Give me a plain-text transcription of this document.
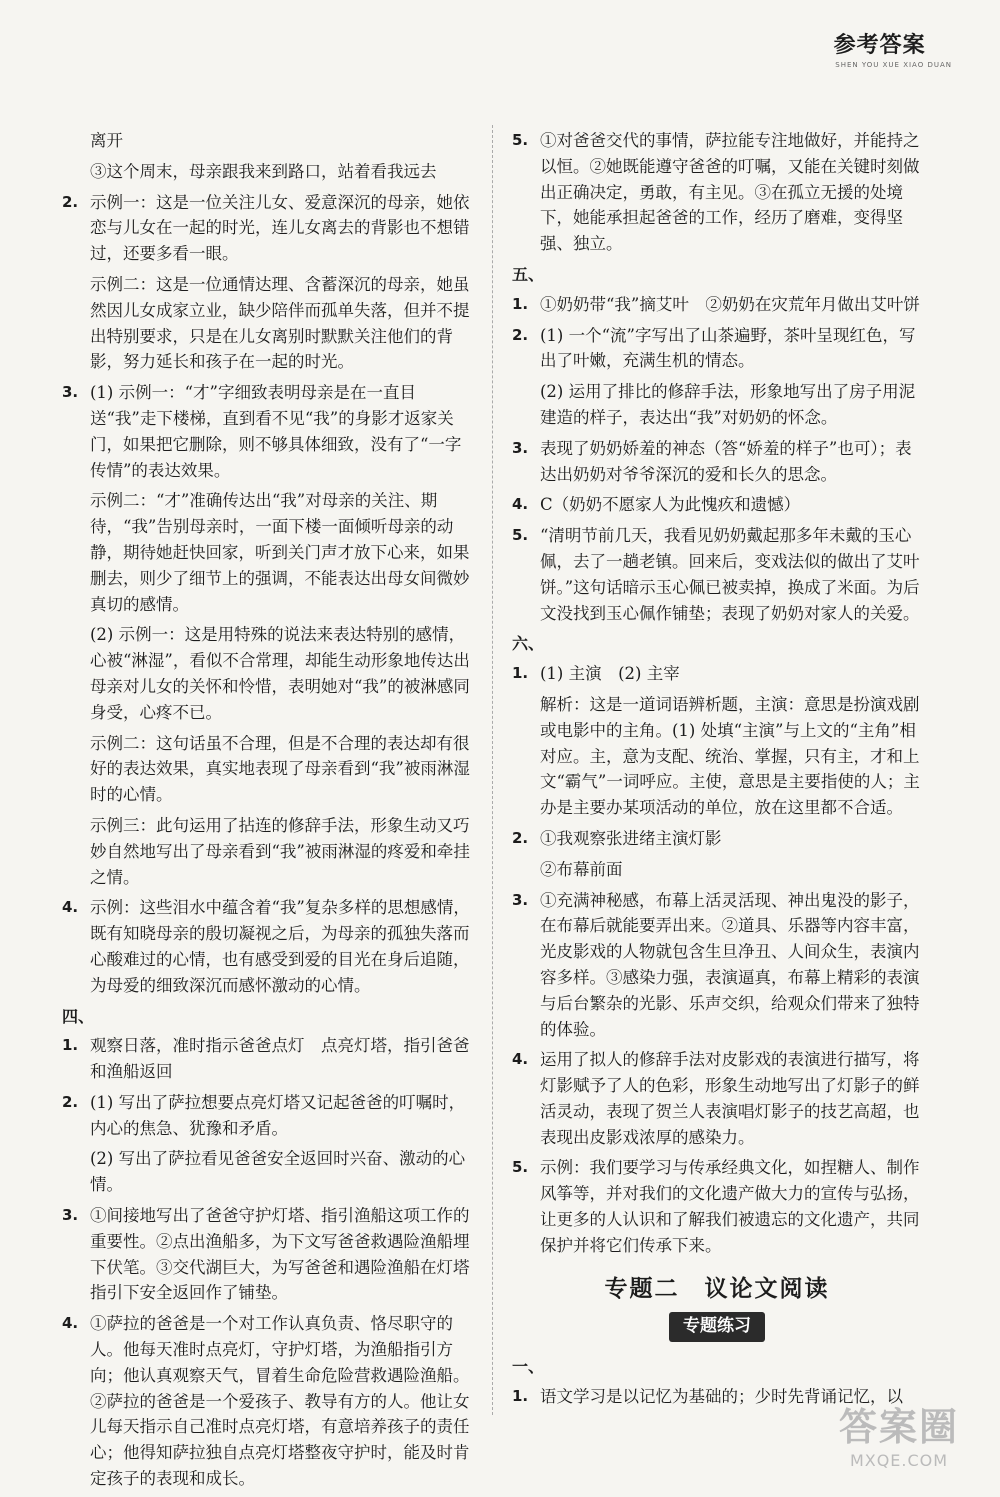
参考答案
SHEN YOU XUE XIAO DUAN

离开

③这个周末，母亲跟我来到路口，站着看我远去

2. 示例一：这是一位关注儿女、爱意深沉的母亲，她依恋与儿女在一起的时光，连儿女离去的背影也不想错过，还要多看一眼。

示例二：这是一位通情达理、含蓄深沉的母亲，她虽然因儿女成家立业，缺少陪伴而孤单失落，但并不提出特别要求，只是在儿女离别时默默关注他们的背影，努力延长和孩子在一起的时光。

3. (1) 示例一：“才”字细致表明母亲是在一直目送“我”走下楼梯，直到看不见“我”的身影才返家关门，如果把它删除，则不够具体细致，没有了“一字传情”的表达效果。

示例二：“才”准确传达出“我”对母亲的关注、期待，“我”告别母亲时，一面下楼一面倾听母亲的动静，期待她赶快回家，听到关门声才放下心来，如果删去，则少了细节上的强调，不能表达出母女间微妙真切的感情。

(2) 示例一：这是用特殊的说法来表达特别的感情，心被“淋湿”，看似不合常理，却能生动形象地传达出母亲对儿女的关怀和怜惜，表明她对“我”的被淋感同身受，心疼不已。

示例二：这句话虽不合理，但是不合理的表达却有很好的表达效果，真实地表现了母亲看到“我”被雨淋湿时的心情。

示例三：此句运用了拈连的修辞手法，形象生动又巧妙自然地写出了母亲看到“我”被雨淋湿的疼爱和牵挂之情。

4. 示例：这些泪水中蕴含着“我”复杂多样的思想感情，既有知晓母亲的殷切凝视之后，为母亲的孤独失落而心酸难过的心情，也有感受到爱的目光在身后追随，为母爱的细致深沉而感怀激动的心情。

四、
1. 观察日落，准时指示爸爸点灯　点亮灯塔，指引爸爸和渔船返回

2. (1) 写出了萨拉想要点亮灯塔又记起爸爸的叮嘱时，内心的焦急、犹豫和矛盾。

(2) 写出了萨拉看见爸爸安全返回时兴奋、激动的心情。

3. ①间接地写出了爸爸守护灯塔、指引渔船这项工作的重要性。②点出渔船多，为下文写爸爸救遇险渔船埋下伏笔。③交代湖巨大，为写爸爸和遇险渔船在灯塔指引下安全返回作了铺垫。

4. ①萨拉的爸爸是一个对工作认真负责、恪尽职守的人。他每天准时点亮灯，守护灯塔，为渔船指引方向；他认真观察天气，冒着生命危险营救遇险渔船。②萨拉的爸爸是一个爱孩子、教导有方的人。他让女儿每天指示自己准时点亮灯塔，有意培养孩子的责任心；他得知萨拉独自点亮灯塔整夜守护时，能及时肯定孩子的表现和成长。

5. ①对爸爸交代的事情，萨拉能专注地做好，并能持之以恒。②她既能遵守爸爸的叮嘱，又能在关键时刻做出正确决定，勇敢，有主见。③在孤立无援的处境下，她能承担起爸爸的工作，经历了磨难，变得坚强、独立。

五、
1. ①奶奶带“我”摘艾叶　②奶奶在灾荒年月做出艾叶饼

2. (1) 一个“流”字写出了山茶遍野，茶叶呈现红色，写出了叶嫩，充满生机的情态。

(2) 运用了排比的修辞手法，形象地写出了房子用泥建造的样子，表达出“我”对奶奶的怀念。

3. 表现了奶奶娇羞的神态（答“娇羞的样子”也可）；表达出奶奶对爷爷深沉的爱和长久的思念。

4. C（奶奶不愿家人为此愧疚和遗憾）

5. “清明节前几天，我看见奶奶戴起那多年未戴的玉心佩，去了一趟老镇。回来后，变戏法似的做出了艾叶饼。”这句话暗示玉心佩已被卖掉，换成了米面。为后文没找到玉心佩作铺垫；表现了奶奶对家人的关爱。

六、
1. (1) 主演　(2) 主宰

解析：这是一道词语辨析题，主演：意思是扮演戏剧或电影中的主角。(1) 处填“主演”与上文的“主角”相对应。主，意为支配、统治、掌握，只有主，才和上文“霸气”一词呼应。主使，意思是主要指使的人；主办是主要办某项活动的单位，放在这里都不合适。

2. ①我观察张进绪主演灯影

②布幕前面

3. ①充满神秘感，布幕上活灵活现、神出鬼没的影子，在布幕后就能要弄出来。②道具、乐器等内容丰富，光皮影戏的人物就包含生旦净丑、人间众生，表演内容多样。③感染力强，表演逼真，布幕上精彩的表演与后台繁杂的光影、乐声交织，给观众们带来了独特的体验。

4. 运用了拟人的修辞手法对皮影戏的表演进行描写，将灯影赋予了人的色彩，形象生动地写出了灯影子的鲜活灵动，表现了贺兰人表演唱灯影子的技艺高超，也表现出皮影戏浓厚的感染力。

5. 示例：我们要学习与传承经典文化，如捏糖人、制作风筝等，并对我们的文化遗产做大力的宣传与弘扬，让更多的人认识和了解我们被遗忘的文化遗产，共同保护并将它们传承下来。

专题二　议论文阅读
专题练习
一、
1. 语文学习是以记忆为基础的；少时先背诵记忆，以

答案圈
MXQE.COM
